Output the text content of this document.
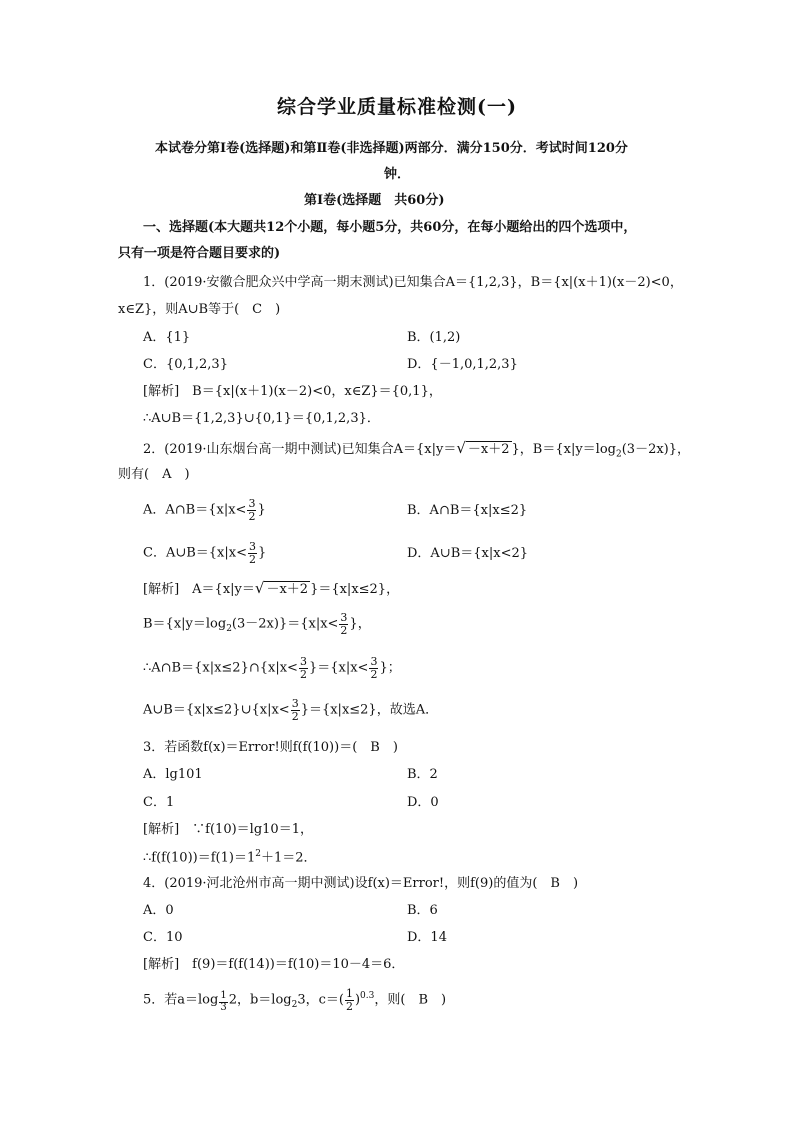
综合学业质量标准检测(一)
本试卷分第Ⅰ卷(选择题)和第Ⅱ卷(非选择题)两部分．满分150分．考试时间120分
钟．
第Ⅰ卷(选择题　共60分)
一、选择题(本大题共12个小题，每小题5分，共60分，在每小题给出的四个选项中，
只有一项是符合题目要求的)
1．(2019·安徽合肥众兴中学高一期末测试)已知集合A＝{1,2,3}，B＝{x|(x＋1)(x－2)<0，
x∈Z}，则A∪B等于(　C　)
A．{1}	B．(1,2)
C．{0,1,2,3}	D．{－1,0,1,2,3}
[解析]　 B＝{x|(x＋1)(x－2)<0，x∈Z}＝{0,1}，
∴A∪B＝{1,2,3}∪{0,1}＝{0,1,2,3}．
2．(2019·山东烟台高一期中测试)已知集合A＝{x|y＝√ －x＋2 }，$B=\{x|y=\log_2(3-2x)\}$，
则有(　A　)
A．A∩B＝{x|x< $\frac{3}{2}$ }	B．A∩B＝{x|x≤2}
C．A∪B＝{x|x< $\frac{3}{2}$ }	D．A∪B＝{x|x<2}
[解析]　 A＝{x|y＝√ －x＋2 }＝{x|x≤2}，
$B=\{x|y=\log_2(3-2x)\}=\{x|x< \frac{3}{2}$ }，
∴A∩B＝{x|x≤2}∩{x|x< $\frac{3}{2} \}=\{x|x< \frac{3}{2}$ }；
A∪B＝{x|x≤2}∪{x|x< $\frac{3}{2} \}=\{x|x\le 2\}$，故选A．
3．若函数f(x)＝Error!则f(f(10))＝(　B　)
A．lg101	B．2
C．1	D．0
[解析]　 ∵f(10)＝lg10＝1，
$\therefore f(f(10))=f(1)=1^2+1=2$．
4．(2019·河北沧州市高一期中测试)设f(x)＝Error!，则f(9)的值为(　B　)
A．0	B．6
C．10	D．14
[解析]　 f(9)＝f(f(14))＝f(10)＝10－4＝6．
5．若$a=\log \frac{1}{3} 2$，$b=\log_23$，$c=( \frac{1}{2} )^{0.3}$，则(　B　)
